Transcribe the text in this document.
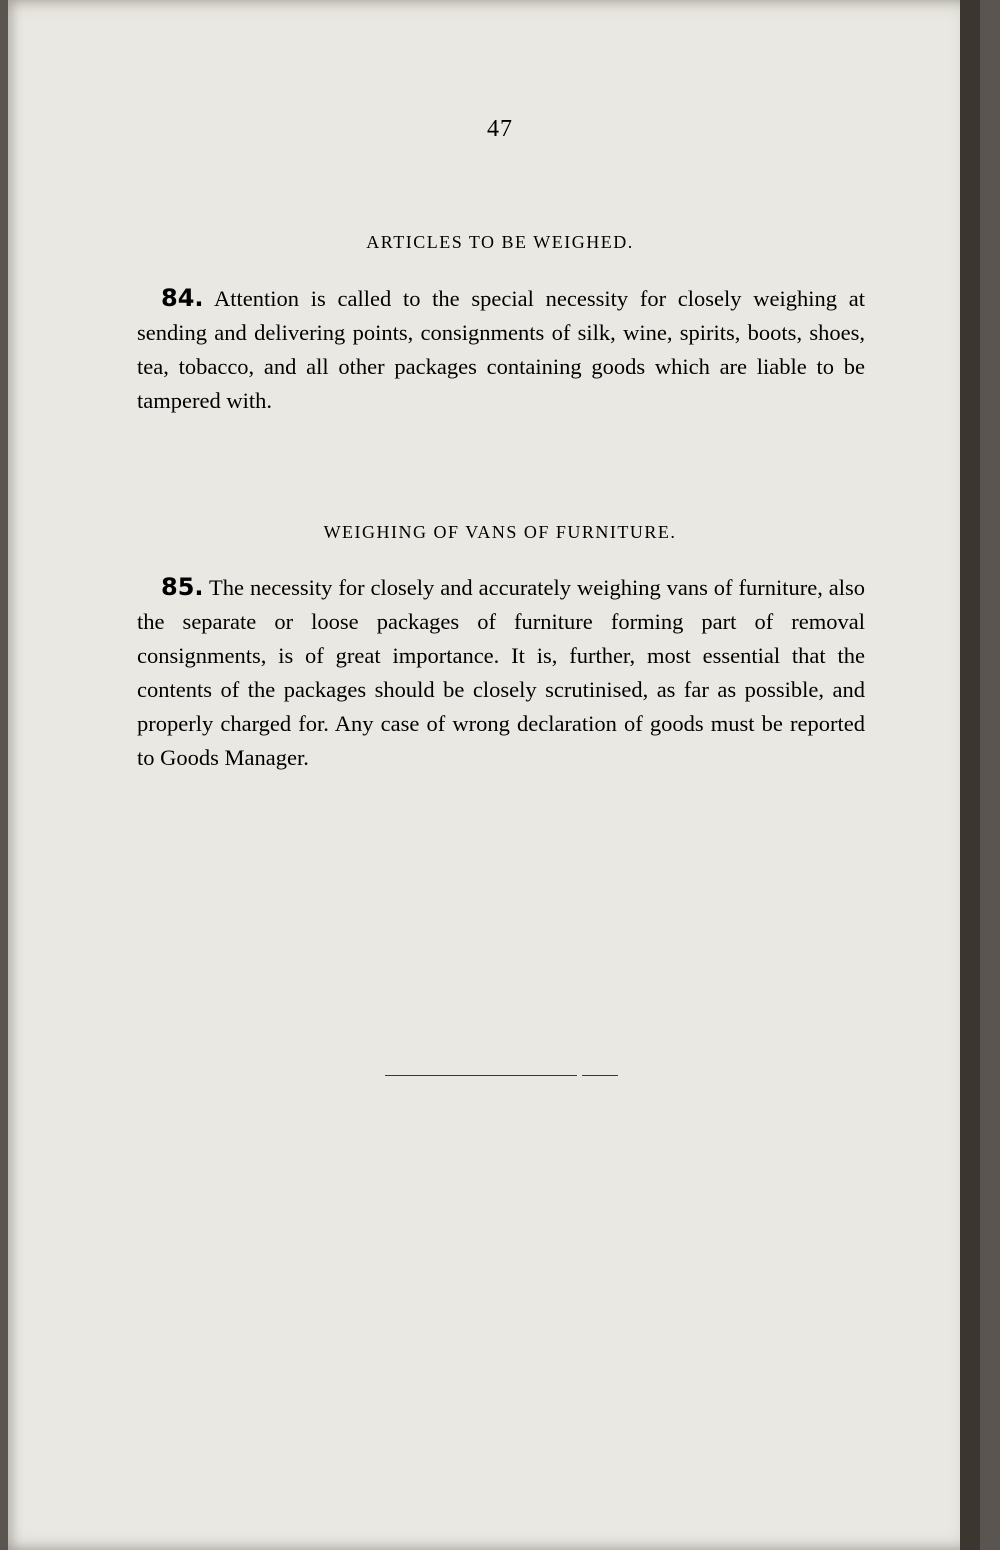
47
ARTICLES TO BE WEIGHED.
84. Attention is called to the special necessity for closely weighing at sending and delivering points, consignments of silk, wine, spirits, boots, shoes, tea, tobacco, and all other packages containing goods which are liable to be tampered with.
WEIGHING OF VANS OF FURNITURE.
85. The necessity for closely and accurately weighing vans of furniture, also the separate or loose packages of furniture forming part of removal consignments, is of great importance. It is, further, most essential that the contents of the packages should be closely scrutinised, as far as possible, and properly charged for. Any case of wrong declaration of goods must be reported to Goods Manager.
